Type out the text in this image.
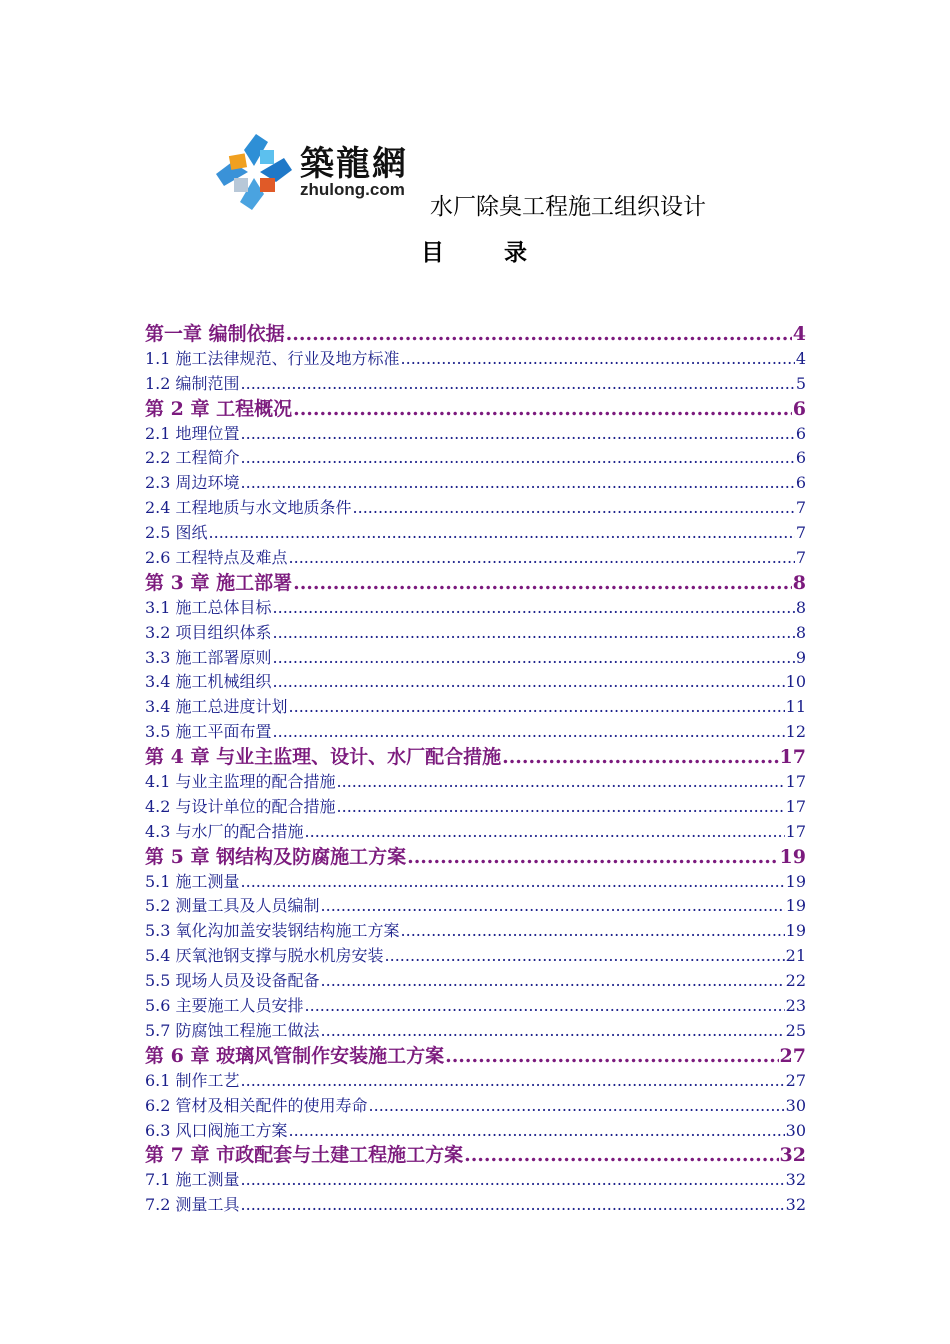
築龍網
zhulong.com
水厂除臭工程施工组织设计
目	录
第一章 编制依据 .....	4
1.1 施工法律规范、行业及地方标准 .....	4
1.2 编制范围 .....	5
第 2 章 工程概况 .....	6
2.1 地理位置 .....	6
2.2 工程简介 .....	6
2.3 周边环境 .....	6
2.4 工程地质与水文地质条件 .....	7
2.5 图纸 .....	7
2.6 工程特点及难点 .....	7
第 3 章 施工部署 .....	8
3.1 施工总体目标 .....	8
3.2 项目组织体系 .....	8
3.3 施工部署原则 .....	9
3.4 施工机械组织 .....	10
3.4 施工总进度计划 .....	11
3.5 施工平面布置 .....	12
第 4 章 与业主监理、设计、水厂配合措施 .....	17
4.1 与业主监理的配合措施 .....	17
4.2 与设计单位的配合措施 .....	17
4.3 与水厂的配合措施 .....	17
第 5 章 钢结构及防腐施工方案 .....	19
5.1 施工测量 .....	19
5.2 测量工具及人员编制 .....	19
5.3 氧化沟加盖安装钢结构施工方案 .....	19
5.4 厌氧池钢支撑与脱水机房安装 .....	21
5.5 现场人员及设备配备 .....	22
5.6 主要施工人员安排 .....	23
5.7 防腐蚀工程施工做法 .....	25
第 6 章 玻璃风管制作安装施工方案 .....	27
6.1 制作工艺 .....	27
6.2 管材及相关配件的使用寿命 .....	30
6.3 风口阀施工方案 .....	30
第 7 章 市政配套与土建工程施工方案 .....	32
7.1 施工测量 .....	32
7.2 测量工具 .....	32
